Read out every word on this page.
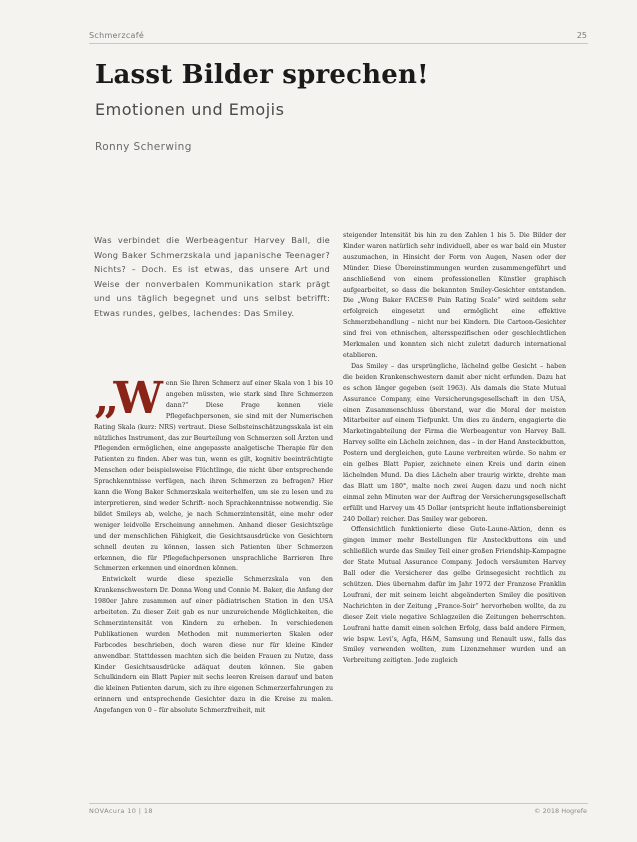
Schmerzcafé	25
Lasst Bilder sprechen!
Emotionen und Emojis
Ronny Scherwing

Was verbindet die Werbeagentur Harvey Ball, die Wong Baker Schmerzskala und japanische Teenager? Nichts? – Doch. Es ist etwas, das unsere Art und Weise der nonverbalen Kommunikation stark prägt und uns täglich begegnet und uns selbst betrifft: Etwas rundes, gelbes, lachendes: Das Smiley.

„Wenn Sie Ihren Schmerz auf einer Skala von 1 bis 10 angeben müssten, wie stark sind Ihre Schmerzen dann?“ Diese Frage kennen viele Pflegefachpersonen, sie sind mit der Numerischen Rating Skala (kurz: NRS) vertraut. Diese Selbsteinschätzungsskala ist ein nützliches Instrument, das zur Beurteilung von Schmerzen soll Ärzten und Pflegenden ermöglichen, eine angepasste analgetische Therapie für den Patienten zu finden. Aber was tun, wenn es gilt, kognitiv beeinträchtigte Menschen oder beispielsweise Flüchtlinge, die nicht über entsprechende Sprachkenntnisse verfügen, nach ihren Schmerzen zu befragen? Hier kann die Wong Baker Schmerzskala weiterhelfen, um sie zu lesen und zu interpretieren, sind weder Schrift- noch Sprachkenntnisse notwendig. Sie bildet Smileys ab, welche, je nach Schmerzintensität, eine mehr oder weniger leidvolle Erscheinung annehmen. Anhand dieser Gesichtszüge und der menschlichen Fähigkeit, die Gesichtsausdrücke von Gesichtern schnell deuten zu können, lassen sich Patienten über Schmerzen erkennen, die für Pflegefachpersonen unsprachliche Barrieren Ihre Schmerzen erkennen und einordnen können.

Entwickelt wurde diese spezielle Schmerzskala von den Krankenschwestern Dr. Donna Wong und Connie M. Baker, die Anfang der 1980er Jahre zusammen auf einer pädiatrischen Station in den USA arbeiteten. Zu dieser Zeit gab es nur unzureichende Möglichkeiten, die Schmerzintensität von Kindern zu erheben. In verschiedenen Publikationen wurden Methoden mit nummerierten Skalen oder Farbcodes beschrieben, doch waren diese nur für kleine Kinder anwendbar. Stattdessen machten sich die beiden Frauen zu Nutze, dass Kinder Gesichtsausdrücke adäquat deuten können. Sie gaben Schulkindern ein Blatt Papier mit sechs leeren Kreisen darauf und baten die kleinen Patienten darum, sich zu ihre eigenen Schmerzerfahrungen zu erinnern und entsprechende Gesichter dazu in die Kreise zu malen. Angefangen von 0 – für absolute Schmerzfreiheit, mit

steigender Intensität bis hin zu den Zahlen 1 bis 5. Die Bilder der Kinder waren natürlich sehr individuell, aber es war bald ein Muster auszumachen, in Hinsicht der Form von Augen, Nasen oder der Münder. Diese Übereinstimmungen wurden zusammengeführt und anschließend von einem professionellen Künstler graphisch aufgearbeitet, so dass die bekannten Smiley-Gesichter entstanden. Die „Wong Baker FACES® Pain Rating Scale“ wird seitdem sehr erfolgreich eingesetzt und ermöglicht eine effektive Schmerzbehandlung – nicht nur bei Kindern. Die Cartoon-Gesichter sind frei von ethnischen, altersspezifischen oder geschlechtlichen Merkmalen und konnten sich nicht zuletzt dadurch international etablieren.

Das Smiley – das ursprüngliche, lächelnd gelbe Gesicht – haben die beiden Krankenschwestern damit aber nicht erfunden. Dazu hat es schon länger gegeben (seit 1963). Als damals die State Mutual Assurance Company, eine Versicherungsgesellschaft in den USA, einen Zusammenschluss überstand, war die Moral der meisten Mitarbeiter auf einem Tiefpunkt. Um dies zu ändern, engagierte die Marketingabteilung der Firma die Werbeagentur von Harvey Ball. Harvey sollte ein Lächeln zeichnen, das – in der Hand Ansteckbutton, Postern und dergleichen, gute Laune verbreiten würde. So nahm er ein gelbes Blatt Papier, zeichnete einen Kreis und darin einen lächelnden Mund. Da dies Lächeln aber traurig wirkte, drehte man das Blatt um 180°, malte noch zwei Augen dazu und noch nicht einmal zehn Minuten war der Auftrag der Versicherungsgesellschaft erfüllt und Harvey um 45 Dollar (entspricht heute inflationsbereinigt 240 Dollar) reicher. Das Smiley war geboren.

Offensichtlich funktionierte diese Gute-Laune-Aktion, denn es gingen immer mehr Bestellungen für Ansteckbuttons ein und schließlich wurde das Smiley Teil einer großen Friendship-Kampagne der State Mutual Assurance Company. Jedoch versäumten Harvey Ball oder die Versicherer das gelbe Grinsegesicht rechtlich zu schützen. Dies übernahm dafür im Jahr 1972 der Franzose Franklin Loufrani, der mit seinem leicht abgeänderten Smiley die positiven Nachrichten in der Zeitung „France-Soir“ hervorheben wollte, da zu dieser Zeit viele negative Schlagzeilen die Zeitungen beherrschten. Loufrani hatte damit einen solchen Erfolg, dass bald andere Firmen, wie bspw. Levi’s, Agfa, H&M, Samsung und Renault usw., falls das Smiley verwenden wollten, zum Lizenznehmer wurden und an Verbreitung zeitigten. Jede zugleich

NOVAcura 10 | 18	© 2018 Hogrefe
